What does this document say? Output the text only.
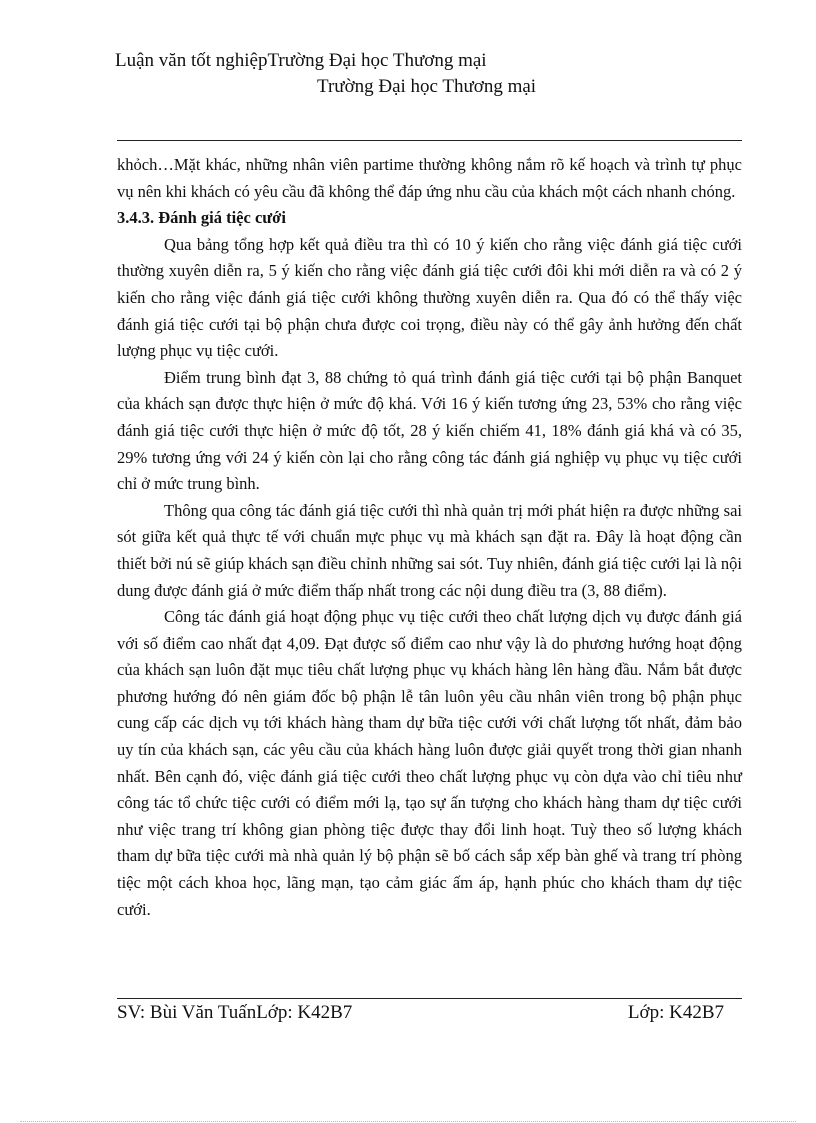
Luận văn tốt nghiệpTrường Đại học Thương mại
Trường Đại học Thương mại

khỏch…Mặt khác, những nhân viên partime thường không nắm rõ kế hoạch và trình tự phục vụ nên khi khách có yêu cầu đã không thể đáp ứng nhu cầu của khách một cách nhanh chóng.

3.4.3. Đánh giá tiệc cưới

Qua bảng tổng hợp kết quả điều tra thì có 10 ý kiến cho rằng việc đánh giá tiệc cưới thường xuyên diễn ra, 5 ý kiến cho rằng việc đánh giá tiệc cưới đôi khi mới diễn ra và có 2 ý kiến cho rằng việc đánh giá tiệc cưới không thường xuyên diễn ra. Qua đó có thể thấy việc đánh giá tiệc cưới tại bộ phận chưa được coi trọng, điều này có thể gây ảnh hưởng đến chất lượng phục vụ tiệc cưới.

Điểm trung bình đạt 3, 88 chứng tỏ quá trình đánh giá tiệc cưới tại bộ phận Banquet của khách sạn được thực hiện ở mức độ khá. Với 16 ý kiến tương ứng 23, 53% cho rằng việc đánh giá tiệc cưới thực hiện ở mức độ tốt, 28 ý kiến chiếm 41, 18% đánh giá khá và có 35, 29% tương ứng với 24 ý kiến còn lại cho rằng công tác đánh giá nghiệp vụ phục vụ tiệc cưới chỉ ở mức trung bình.

Thông qua công tác đánh giá tiệc cưới thì nhà quản trị mới phát hiện ra được những sai sót giữa kết quả thực tế với chuẩn mực phục vụ mà khách sạn đặt ra. Đây là hoạt động cần thiết bởi nú sẽ giúp khách sạn điều chỉnh những sai sót. Tuy nhiên, đánh giá tiệc cưới lại là nội dung được đánh giá ở mức điểm thấp nhất trong các nội dung điều tra (3, 88 điểm).

Công tác đánh giá hoạt động phục vụ tiệc cưới theo chất lượng dịch vụ được đánh giá với số điểm cao nhất đạt 4,09. Đạt được số điểm cao như vậy là do phương hướng hoạt động của khách sạn luôn đặt mục tiêu chất lượng phục vụ khách hàng lên hàng đầu. Nắm bắt được phương hướng đó nên giám đốc bộ phận lễ tân luôn yêu cầu nhân viên trong bộ phận phục cung cấp các dịch vụ tới khách hàng tham dự bữa tiệc cưới với chất lượng tốt nhất, đảm bảo uy tín của khách sạn, các yêu cầu của khách hàng luôn được giải quyết trong thời gian nhanh nhất. Bên cạnh đó, việc đánh giá tiệc cưới theo chất lượng phục vụ còn dựa vào chỉ tiêu như công tác tổ chức tiệc cưới có điểm mới lạ, tạo sự ấn tượng cho khách hàng tham dự tiệc cưới như việc trang trí không gian phòng tiệc được thay đổi linh hoạt. Tuỳ theo số lượng khách tham dự bữa tiệc cưới mà nhà quản lý bộ phận sẽ bố cách sắp xếp bàn ghế và trang trí phòng tiệc một cách khoa học, lãng mạn, tạo cảm giác ấm áp, hạnh phúc cho khách tham dự tiệc cưới.

SV: Bùi Văn TuấnLớp: K42B7	Lớp: K42B7
